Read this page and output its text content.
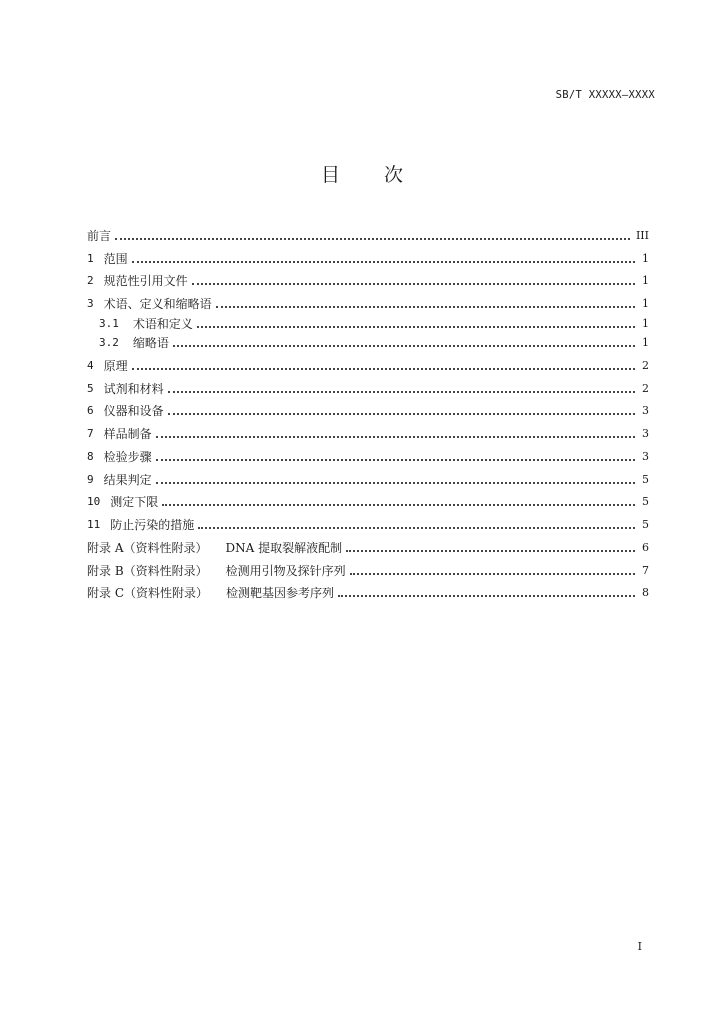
SB/T XXXXX—XXXX
目 次
前言	III
1 范围	1
2 规范性引用文件	1
3 术语、定义和缩略语	1
3.1 术语和定义	1
3.2 缩略语	1
4 原理	2
5 试剂和材料	2
6 仪器和设备	3
7 样品制备	3
8 检验步骤	3
9 结果判定	5
10 测定下限	5
11 防止污染的措施	5
附录 A（资料性附录） DNA 提取裂解液配制	6
附录 B（资料性附录） 检测用引物及探针序列	7
附录 C（资料性附录） 检测靶基因参考序列	8
I
